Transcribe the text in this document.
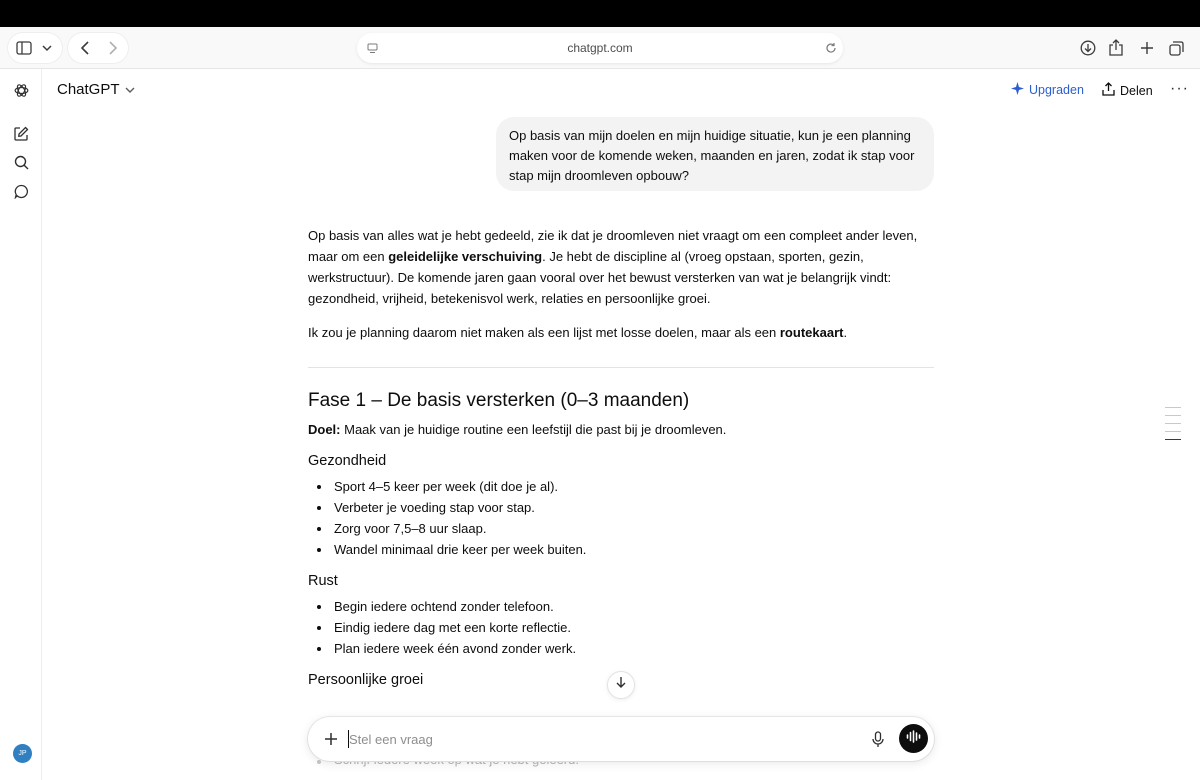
chatgpt.com
JP
ChatGPT	Upgraden	Delen ···
Op basis van mijn doelen en mijn huidige situatie, kun je een planning maken voor de komende weken, maanden en jaren, zodat ik stap voor stap mijn droomleven opbouw?

Op basis van alles wat je hebt gedeeld, zie ik dat je droomleven niet vraagt om een compleet ander leven, maar om een geleidelijke verschuiving. Je hebt de discipline al (vroeg opstaan, sporten, gezin, werkstructuur). De komende jaren gaan vooral over het bewust versterken van wat je belangrijk vindt: gezondheid, vrijheid, betekenisvol werk, relaties en persoonlijke groei.

Ik zou je planning daarom niet maken als een lijst met losse doelen, maar als een routekaart.

Fase 1 – De basis versterken (0–3 maanden)

Doel: Maak van je huidige routine een leefstijl die past bij je droomleven.

Gezondheid
Sport 4–5 keer per week (dit doe je al).
Verbeter je voeding stap voor stap.
Zorg voor 7,5–8 uur slaap.
Wandel minimaal drie keer per week buiten.
Rust
Begin iedere ochtend zonder telefoon.
Eindig iedere dag met een korte reflectie.
Plan iedere week één avond zonder werk.
Persoonlijke groei
Stel een vraag
